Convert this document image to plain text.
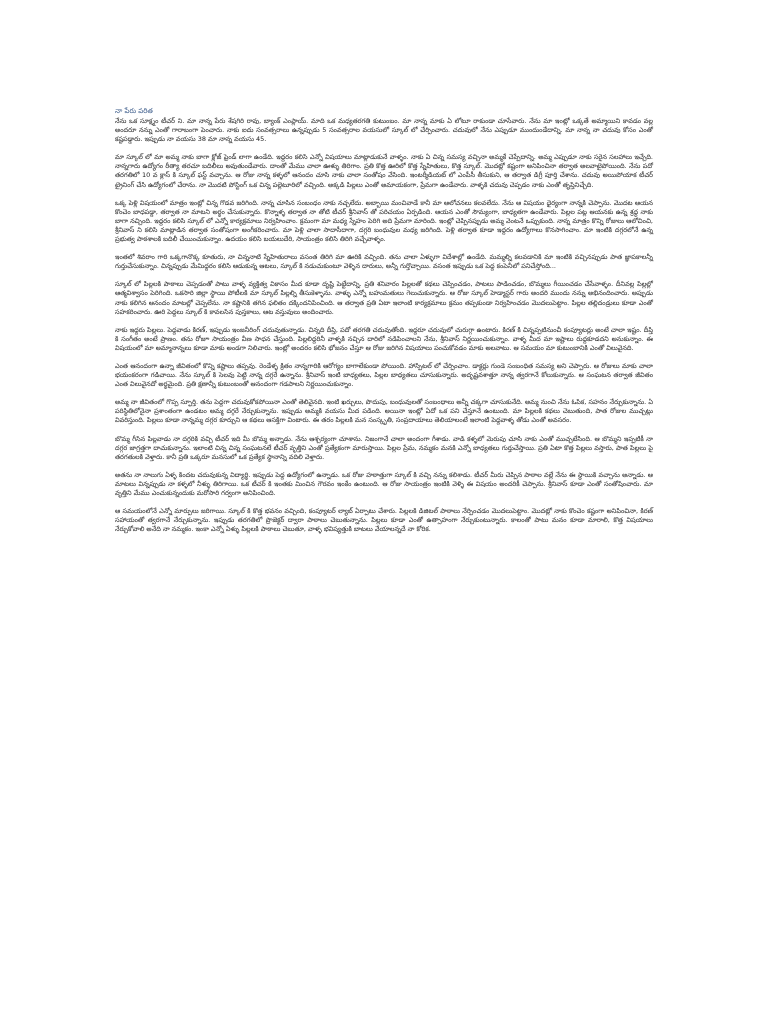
నా పేరు పరిత

నేను ఒక సూక్ష్మం టీచర్ ని. మా నాన్న పేరు శేషగిరి రావు, బ్యాంక్ ఎంప్లాయ్. మాది ఒక మధ్యతరగతి కుటుంబం. మా నాన్న మాకు ఏ లోటూ రాకుండా చూసేవారు. నేను మా ఇంట్లో ఒక్కతే అమ్మాయిని కావడం వల్ల అందరూ నన్ను ఎంతో గారాబంగా పెంచారు. నాకు ఐదు సంవత్సరాలు ఉన్నప్పుడు 5 సంవత్సరాల వయసులో స్కూల్ లో చేర్పించారు. చదువులో నేను ఎప్పుడూ ముందుండేదాన్ని. మా నాన్న నా చదువు కోసం ఎంతో కష్టపడ్డారు. ఇప్పుడు నా వయసు 38 మా నాన్న వయసు 45.

మా స్కూల్ లో మా అమ్మ నాకు బాగా క్లోజ్ ఫ్రెండ్ లాగా ఉండేది. ఇద్దరం కలిసి ఎన్నో విషయాలు మాట్లాడుకునే వాళ్ళం. నాకు ఏ చిన్న సమస్య వచ్చినా అమ్మకే చెప్పేదాన్ని. అమ్మ ఎప్పుడూ నాకు సరైన సలహాలు ఇచ్చేది. నాన్నగారు ఉద్యోగం రీత్యా తరచూ బదిలీలు అవుతుండేవారు. దాంతో మేము చాలా ఊళ్ళు తిరిగాం. ప్రతి కొత్త ఊరిలో కొత్త స్నేహితులు, కొత్త స్కూల్. మొదట్లో కష్టంగా అనిపించినా తర్వాత అలవాటైపోయింది. నేను పదో తరగతిలో 10 వ క్లాస్ కి స్కూల్ ఫస్ట్ వచ్చాను. ఆ రోజు నాన్న కళ్ళలో ఆనందం చూసి నాకు చాలా సంతోషం వేసింది. ఇంటర్మీడియట్ లో ఎంపీసీ తీసుకుని, ఆ తర్వాత డిగ్రీ పూర్తి చేశాను. చదువు అయిపోయాక టీచర్ ట్రైనింగ్ చేసి ఉద్యోగంలో చేరాను. నా మొదటి పోస్టింగ్ ఒక చిన్న పల్లెటూరిలో వచ్చింది. అక్కడి పిల్లలు ఎంతో అమాయకంగా, ప్రేమగా ఉండేవారు. వాళ్ళకి చదువు చెప్పడం నాకు ఎంతో తృప్తినిచ్చేది.

ఒక్క పెళ్లి విషయంలో మాత్రం ఇంట్లో చిన్న గొడవ జరిగింది. నాన్న చూసిన సంబంధం నాకు నచ్చలేదు. అబ్బాయి మంచివాడే కానీ మా ఆలోచనలు కలవలేదు. నేను ఆ విషయం ధైర్యంగా నాన్నకి చెప్పాను. మొదట ఆయన కొంచెం బాధపడ్డా, తర్వాత నా మాటని అర్థం చేసుకున్నారు. కొన్నాళ్ళ తర్వాత నా తోటి టీచర్ శ్రీనివాస్ తో పరిచయం ఏర్పడింది. ఆయన ఎంతో సౌమ్యంగా, బాధ్యతగా ఉండేవారు. పిల్లల పట్ల ఆయనకు ఉన్న శ్రద్ధ నాకు బాగా నచ్చింది. ఇద్దరం కలిసి స్కూల్ లో ఎన్నో కార్యక్రమాలు నిర్వహించాం. క్రమంగా మా మధ్య స్నేహం పెరిగి అది ప్రేమగా మారింది. ఇంట్లో చెప్పినప్పుడు అమ్మ వెంటనే ఒప్పుకుంది. నాన్న మాత్రం కొన్ని రోజులు ఆలోచించి, శ్రీనివాస్ ని కలిసి మాట్లాడిన తర్వాత సంతోషంగా అంగీకరించారు. మా పెళ్లి చాలా సాదాసీదాగా, దగ్గరి బంధువుల మధ్య జరిగింది. పెళ్లి తర్వాత కూడా ఇద్దరం ఉద్యోగాలు కొనసాగించాం. మా ఇంటికి దగ్గరలోనే ఉన్న ప్రభుత్వ పాఠశాలకి బదిలీ చేయించుకున్నాం. ఉదయం కలిసి బయలుదేరి, సాయంత్రం కలిసి తిరిగి వచ్చేవాళ్ళం.

ఇంతలో శివరాం గారి ఒక్కగానొక్క కూతురు, నా చిన్ననాటి స్నేహితురాలు వసంత తిరిగి మా ఊరికి వచ్చింది. తను చాలా ఏళ్ళుగా విదేశాల్లో ఉండేది. మమ్మల్ని కలవడానికి మా ఇంటికి వచ్చినప్పుడు పాత జ్ఞాపకాలన్నీ గుర్తుచేసుకున్నాం. చిన్నప్పుడు మేమిద్దరం కలిసి ఆడుకున్న ఆటలు, స్కూల్ కి నడుచుకుంటూ వెళ్ళిన దారులు, అన్నీ గుర్తొచ్చాయి. వసంత ఇప్పుడు ఒక పెద్ద కంపెనీలో పనిచేస్తోంది...

స్కూల్ లో పిల్లలకి పాఠాలు చెప్పడంతో పాటు వాళ్ళ వ్యక్తిత్వ వికాసం మీద కూడా దృష్టి పెట్టేదాన్ని. ప్రతి శనివారం పిల్లలతో కథలు చెప్పించడం, పాటలు పాడించడం, బొమ్మలు గీయించడం చేసేవాళ్ళం. దీనివల్ల పిల్లల్లో ఆత్మవిశ్వాసం పెరిగింది. ఒకసారి జిల్లా స్థాయి పోటీలకి మా స్కూల్ పిల్లల్ని తీసుకెళ్ళాను. వాళ్ళు ఎన్నో బహుమతులు గెలుచుకున్నారు. ఆ రోజు స్కూల్ హెడ్మాస్టర్ గారు అందరి ముందు నన్ను అభినందించారు. అప్పుడు నాకు కలిగిన ఆనందం మాటల్లో చెప్పలేను. నా కష్టానికి తగిన ఫలితం దక్కిందనిపించింది. ఆ తర్వాత ప్రతి ఏటా ఇలాంటి కార్యక్రమాలు క్రమం తప్పకుండా నిర్వహించడం మొదలుపెట్టాం. పిల్లల తల్లిదండ్రులు కూడా ఎంతో సహకరించారు. ఊరి పెద్దలు స్కూల్ కి కావలసిన పుస్తకాలు, ఆట వస్తువులు అందించారు.

నాకు ఇద్దరు పిల్లలు. పెద్దవాడు కిరణ్, ఇప్పుడు ఇంజనీరింగ్ చదువుతున్నాడు. చిన్నది దీప్తి, పదో తరగతి చదువుతోంది. ఇద్దరూ చదువులో చురుగ్గా ఉంటారు. కిరణ్ కి చిన్నప్పటినుంచీ కంప్యూటర్లు అంటే చాలా ఇష్టం. దీప్తి కి సంగీతం అంటే ప్రాణం. తను రోజూ సాయంత్రం వీణ సాధన చేస్తుంది. పిల్లలిద్దరినీ వాళ్ళకి నచ్చిన దారిలో నడిపించాలని నేను, శ్రీనివాస్ నిర్ణయించుకున్నాం. వాళ్ళ మీద మా ఇష్టాలు రుద్దకూడదని అనుకున్నాం. ఈ విషయంలో మా అమ్మానాన్నలు కూడా మాకు అండగా నిలిచారు. ఇంట్లో అందరం కలిసి భోజనం చేస్తూ ఆ రోజు జరిగిన విషయాలు పంచుకోవడం మాకు అలవాటు. ఆ సమయం మా కుటుంబానికి ఎంతో విలువైనది.

ఎంత ఆనందంగా ఉన్నా జీవితంలో కొన్ని కష్టాలు తప్పవు. రెండేళ్ళ క్రితం నాన్నగారికి ఆరోగ్యం బాగాలేకుండా పోయింది. హాస్పిటల్ లో చేర్పించాం. డాక్టర్లు గుండె సంబంధిత సమస్య అని చెప్పారు. ఆ రోజులు మాకు చాలా భయంకరంగా గడిచాయి. నేను స్కూల్ కి సెలవు పెట్టి నాన్న దగ్గరే ఉన్నాను. శ్రీనివాస్ ఇంటి బాధ్యతలు, పిల్లల బాధ్యతలు చూసుకున్నారు. అదృష్టవశాత్తూ నాన్న త్వరగానే కోలుకున్నారు. ఆ సంఘటన తర్వాత జీవితం ఎంత విలువైనదో అర్థమైంది. ప్రతి క్షణాన్నీ కుటుంబంతో ఆనందంగా గడపాలని నిర్ణయించుకున్నాం.

అమ్మ నా జీవితంలో గొప్ప స్ఫూర్తి. తను పెద్దగా చదువుకోకపోయినా ఎంతో తెలివైనది. ఇంటి ఖర్చులు, పొదుపు, బంధువులతో సంబంధాలు అన్నీ చక్కగా చూసుకునేది. అమ్మ నుంచి నేను ఓపిక, సహనం నేర్చుకున్నాను. ఏ పరిస్థితిలోనైనా ప్రశాంతంగా ఉండటం అమ్మ దగ్గరే నేర్చుకున్నాను. ఇప్పుడు అమ్మకి వయసు మీద పడింది. అయినా ఇంట్లో ఏదో ఒక పని చేస్తూనే ఉంటుంది. మా పిల్లలకి కథలు చెబుతుంది, పాత రోజుల ముచ్చట్లు వివరిస్తుంది. పిల్లలు కూడా నాన్నమ్మ దగ్గర కూర్చుని ఆ కథలు ఆసక్తిగా వింటారు. ఈ తరం పిల్లలకి మన సంస్కృతి, సంప్రదాయాలు తెలియాలంటే ఇలాంటి పెద్దవాళ్ళ తోడు ఎంతో అవసరం.

బొమ్మ గీసిన పిల్లవాడు నా దగ్గరికి వచ్చి టీచర్ ఇది మీ బొమ్మ అన్నాడు. నేను ఆశ్చర్యంగా చూశాను. నిజంగానే చాలా అందంగా గీశాడు. వాడి కళ్ళలో మెరుపు చూసి నాకు ఎంతో ముచ్చటేసింది. ఆ బొమ్మని ఇప్పటికీ నా దగ్గర జాగ్రత్తగా దాచుకున్నాను. ఇలాంటి చిన్న చిన్న సంఘటనలే టీచర్ వృత్తిని ఎంతో ప్రత్యేకంగా మారుస్తాయి. పిల్లల ప్రేమ, నమ్మకం మనకి ఎన్నో బాధ్యతలు గుర్తుచేస్తాయి. ప్రతి ఏటా కొత్త పిల్లలు వస్తారు, పాత పిల్లలు పై తరగతులకి వెళ్తారు. కానీ ప్రతి ఒక్కరూ మనసులో ఒక ప్రత్యేక స్థానాన్ని వదిలి వెళ్తారు.

అతను నా నాలుగు ఏళ్ళ కిందట చదువుకున్న విద్యార్థి. ఇప్పుడు పెద్ద ఉద్యోగంలో ఉన్నాడు. ఒక రోజు హఠాత్తుగా స్కూల్ కి వచ్చి నన్ను కలిశాడు. టీచర్ మీరు చెప్పిన పాఠాల వల్లే నేను ఈ స్థాయికి వచ్చాను అన్నాడు. ఆ మాటలు విన్నప్పుడు నా కళ్ళలో నీళ్ళు తిరిగాయి. ఒక టీచర్ కి ఇంతకు మించిన గౌరవం ఇంకేం ఉంటుంది. ఆ రోజు సాయంత్రం ఇంటికి వెళ్ళి ఈ విషయం అందరికీ చెప్పాను. శ్రీనివాస్ కూడా ఎంతో సంతోషించారు. మా వృత్తిని మేము ఎంచుకున్నందుకు మరోసారి గర్వంగా అనిపించింది.

ఆ సమయంలోనే ఎన్నో మార్పులు జరిగాయి. స్కూల్ కి కొత్త భవనం వచ్చింది, కంప్యూటర్ ల్యాబ్ ఏర్పాటు చేశారు. పిల్లలకి డిజిటల్ పాఠాలు నేర్పించడం మొదలుపెట్టాం. మొదట్లో నాకు కొంచెం కష్టంగా అనిపించినా, కిరణ్ సహాయంతో త్వరగానే నేర్చుకున్నాను. ఇప్పుడు తరగతిలో ప్రొజెక్టర్ ద్వారా పాఠాలు చెబుతున్నాను. పిల్లలు కూడా ఎంతో ఉత్సాహంగా నేర్చుకుంటున్నారు. కాలంతో పాటు మనం కూడా మారాలి, కొత్త విషయాలు నేర్చుకోవాలి అనేది నా నమ్మకం. ఇంకా ఎన్నో ఏళ్ళు పిల్లలకి పాఠాలు చెబుతూ, వాళ్ళ భవిష్యత్తుకి బాటలు వేయాలన్నదే నా కోరిక.
